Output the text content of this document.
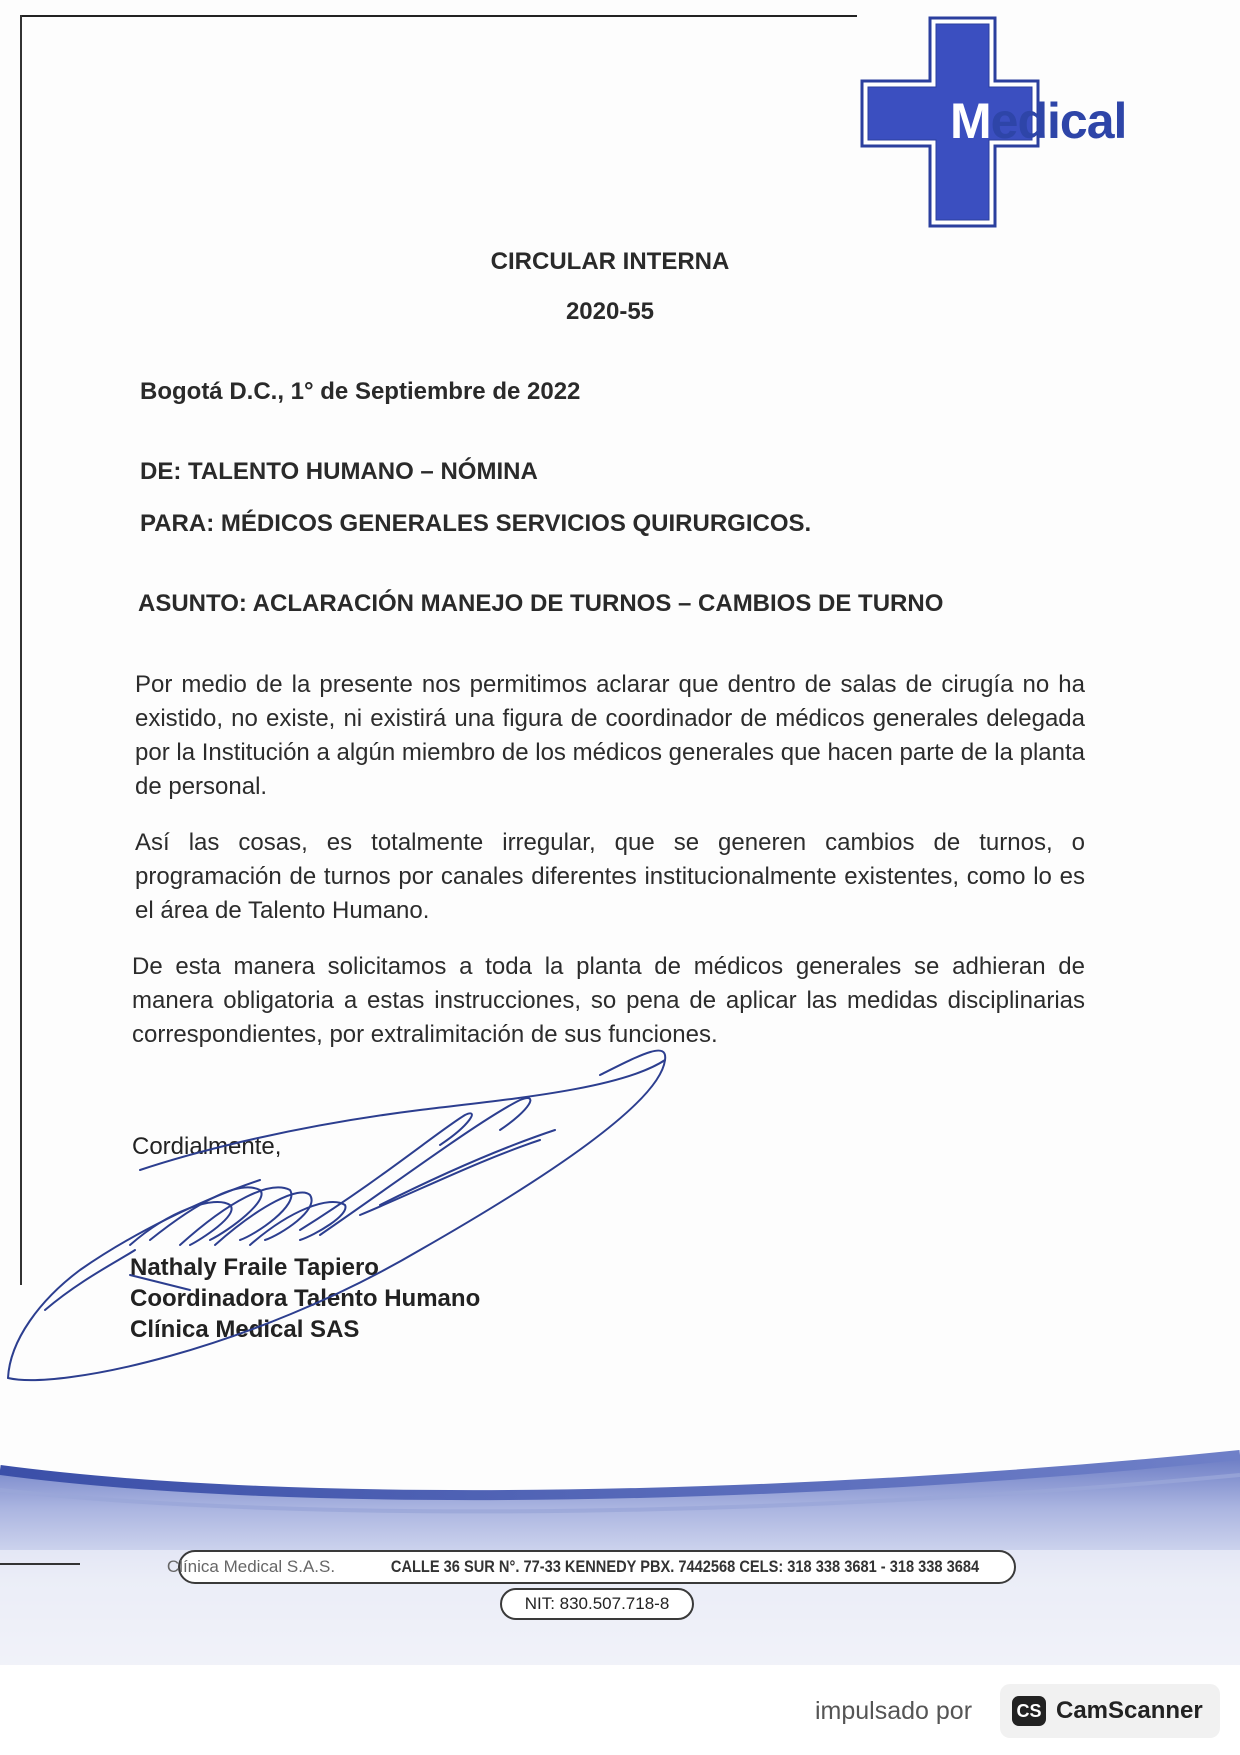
Medical
CIRCULAR INTERNA
2020-55
Bogotá D.C., 1° de Septiembre de 2022
DE: TALENTO HUMANO – NÓMINA
PARA: MÉDICOS GENERALES SERVICIOS QUIRURGICOS.
ASUNTO: ACLARACIÓN MANEJO DE TURNOS – CAMBIOS DE TURNO
Por medio de la presente nos permitimos aclarar que dentro de salas de cirugía no ha existido, no existe, ni existirá una figura de coordinador de médicos generales delegada por la Institución a algún miembro de los médicos generales que hacen parte de la planta de personal.
Así las cosas, es totalmente irregular, que se generen cambios de turnos, o programación de turnos por canales diferentes institucionalmente existentes, como lo es el área de Talento Humano.
De esta manera solicitamos a toda la planta de médicos generales se adhieran de manera obligatoria a estas instrucciones, so pena de aplicar las medidas disciplinarias correspondientes, por extralimitación de sus funciones.
Cordialmente,
Nathaly Fraile Tapiero
Coordinadora Talento Humano
Clínica Medical SAS
Clínica Medical S.A.S.	CALLE 36 SUR N°. 77-33 KENNEDY PBX. 7442568 CELS: 318 338 3681 - 318 338 3684
NIT: 830.507.718-8
impulsado por CS CamScanner
